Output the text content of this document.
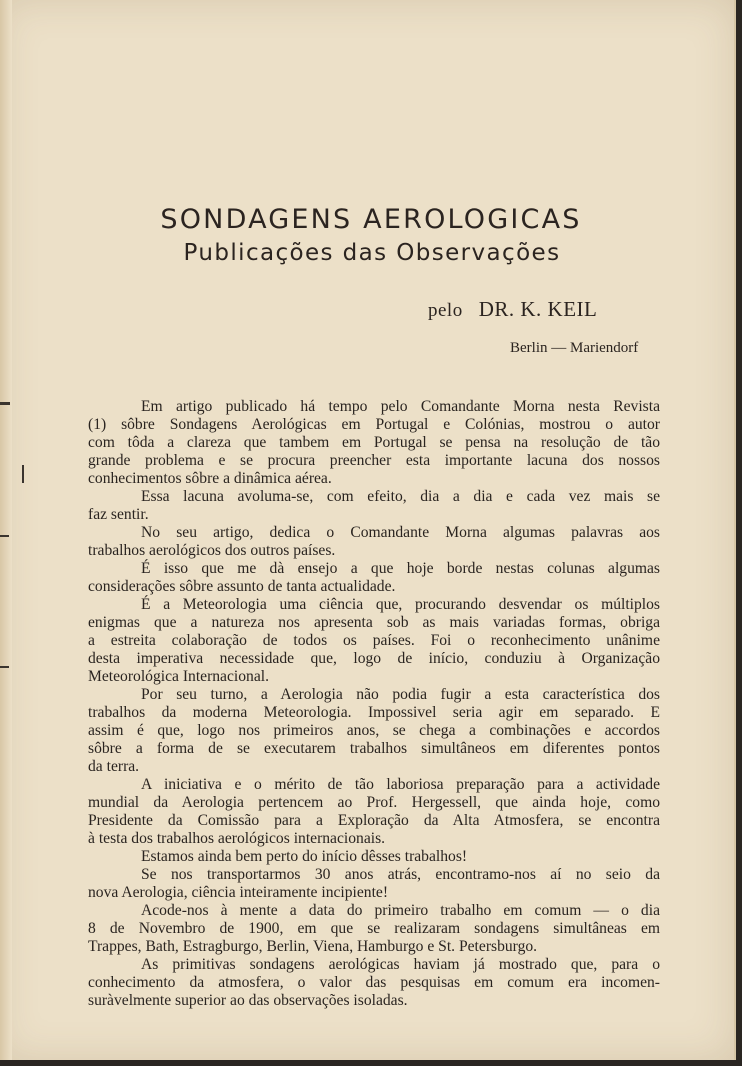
SONDAGENS AEROLOGICAS
Publicações das Observações
pelo DR. K. KEIL
Berlin — Mariendorf
Em artigo publicado há tempo pelo Comandante Morna nesta Revista
(1) sôbre Sondagens Aerológicas em Portugal e Colónias, mostrou o autor
com tôda a clareza que tambem em Portugal se pensa na resolução de tão
grande problema e se procura preencher esta importante lacuna dos nossos
conhecimentos sôbre a dinâmica aérea.
Essa lacuna avoluma-se, com efeito, dia a dia e cada vez mais se
faz sentir.
No seu artigo, dedica o Comandante Morna algumas palavras aos
trabalhos aerológicos dos outros países.
É isso que me dà ensejo a que hoje borde nestas colunas algumas
considerações sôbre assunto de tanta actualidade.
É a Meteorologia uma ciência que, procurando desvendar os múltiplos
enigmas que a natureza nos apresenta sob as mais variadas formas, obriga
a estreita colaboração de todos os países. Foi o reconhecimento unânime
desta imperativa necessidade que, logo de início, conduziu à Organização
Meteorológica Internacional.
Por seu turno, a Aerologia não podia fugir a esta característica dos
trabalhos da moderna Meteorologia. Impossivel seria agir em separado. E
assim é que, logo nos primeiros anos, se chega a combinações e accordos
sôbre a forma de se executarem trabalhos simultâneos em diferentes pontos
da terra.
A iniciativa e o mérito de tão laboriosa preparação para a actividade
mundial da Aerologia pertencem ao Prof. Hergessell, que ainda hoje, como
Presidente da Comissão para a Exploração da Alta Atmosfera, se encontra
à testa dos trabalhos aerológicos internacionais.
Estamos ainda bem perto do início dêsses trabalhos!
Se nos transportarmos 30 anos atrás, encontramo-nos aí no seio da
nova Aerologia, ciência inteiramente incipiente!
Acode-nos à mente a data do primeiro trabalho em comum — o dia
8 de Novembro de 1900, em que se realizaram sondagens simultâneas em
Trappes, Bath, Estragburgo, Berlin, Viena, Hamburgo e St. Petersburgo.
As primitivas sondagens aerológicas haviam já mostrado que, para o
conhecimento da atmosfera, o valor das pesquisas em comum era incomen-
suràvelmente superior ao das observações isoladas.
